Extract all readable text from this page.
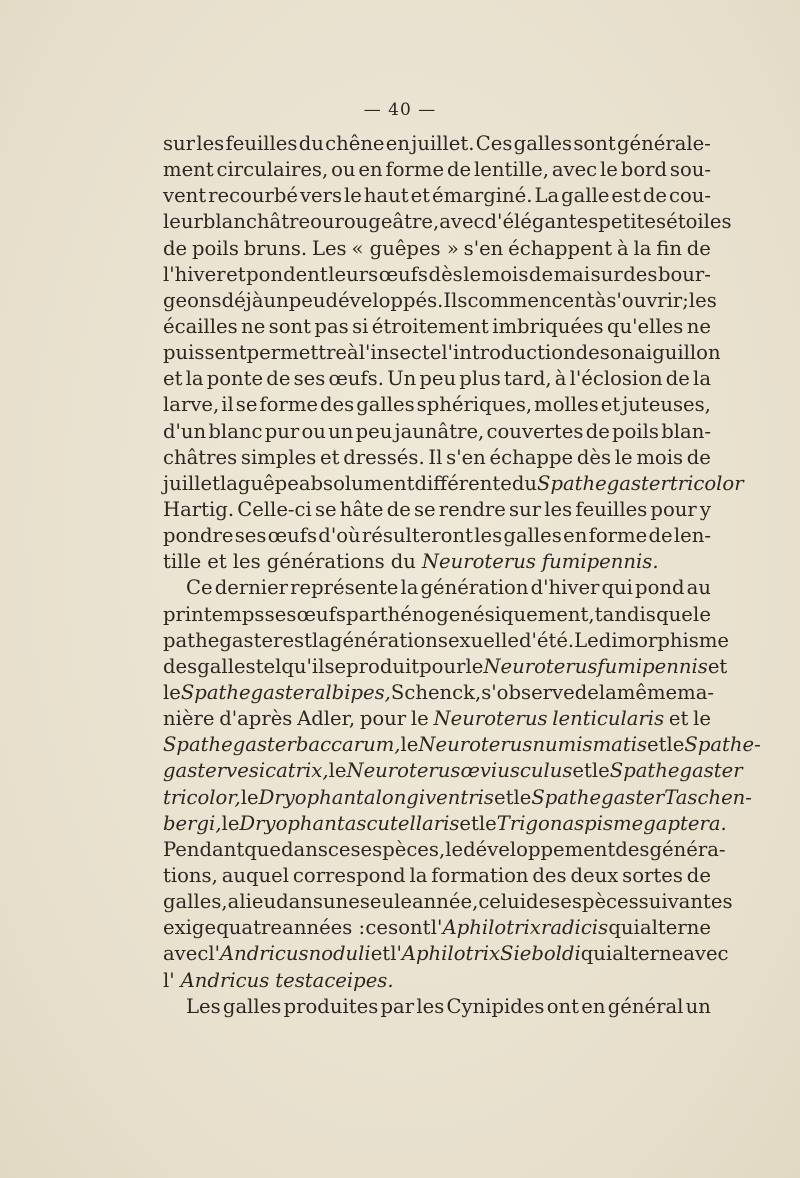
— 40 —
sur les feuilles du chêne en juillet. Ces galles sont générale-
ment circulaires, ou en forme de lentille, avec le bord sou-
vent recourbé vers le haut et émarginé. La galle est de cou-
leur blanchâtre ou rougeâtre, avec d'élégantes petites étoiles
de poils bruns. Les « guêpes » s'en échappent à la fin de
l'hiver et pondent leurs œufs dès le mois de mai sur des bour-
geons déjà un peu développés. Ils commencent à s'ouvrir; les
écailles ne sont pas si étroitement imbriquées qu'elles ne
puissent permettre à l'insecte l'introduction de son aiguillon
et la ponte de ses œufs. Un peu plus tard, à l'éclosion de la
larve, il se forme des galles sphériques, molles et juteuses,
d'un blanc pur ou un peu jaunâtre, couvertes de poils blan-
châtres simples et dressés. Il s'en échappe dès le mois de
juillet la guêpe absolument différente du Spathegaster tricolor
Hartig. Celle-ci se hâte de se rendre sur les feuilles pour y
pondre ses œufs d'où résulteront les galles en forme de len-
tille et les générations du Neuroterus fumipennis.
Ce dernier représente la génération d'hiver qui pond au
printemps ses œufs parthénogenésiquement, tandis que le
pathegaster est la génération sexuelle d'été. Le dimorphisme
des galles tel qu'il se produit pour le Neuroterus fumipennis et
le Spathegaster albipes, Schenck, s'observe de la même ma-
nière d'après Adler, pour le Neuroterus lenticularis et le
Spathegaster baccarum, le Neuroterus numismatis et le Spathe-
gaster vesicatrix, le Neuroterus œviusculus et le Spathegaster
tricolor, le Dryophanta longiventris et le Spathegaster Taschen-
bergi, le Dryophanta scutellaris et le Trigonaspis megaptera.
Pendant que dans ces espèces, le développement des généra-
tions, auquel correspond la formation des deux sortes de
galles, a lieu dans une seule année, celui des espèces suivantes
exige quatre années : ce sont l' Aphilotrix radicis qui alterne
avec l' Andricus noduli et l' Aphilotrix Sieboldi qui alterne avec
l' Andricus testaceipes.
Les galles produites par les Cynipides ont en général un
